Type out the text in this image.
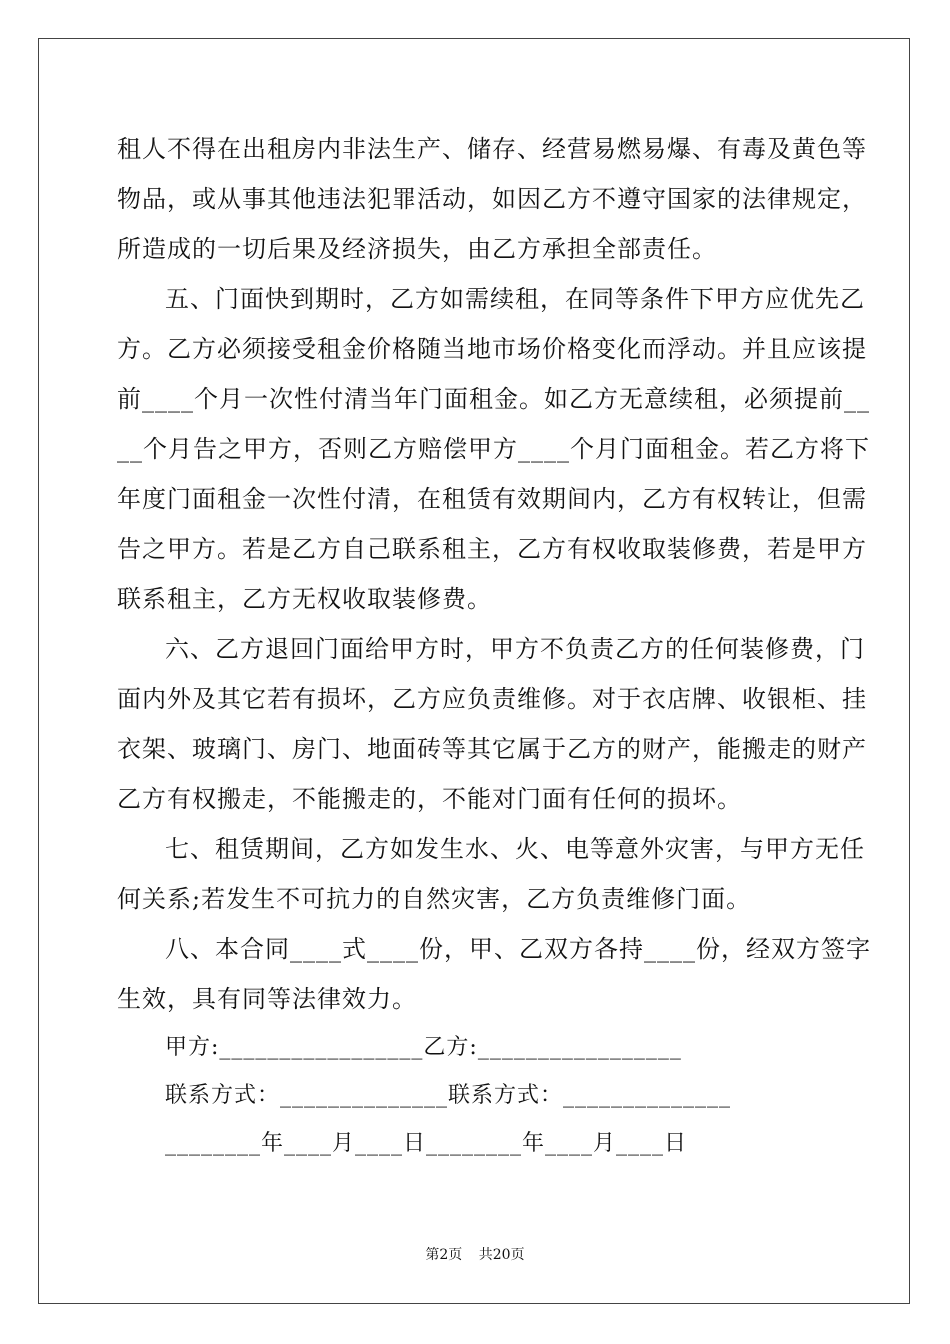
租人不得在出租房内非法生产、储存、经营易燃易爆、有毒及黄色等
物品，或从事其他违法犯罪活动，如因乙方不遵守国家的法律规定，
所造成的一切后果及经济损失，由乙方承担全部责任。
五、门面快到期时，乙方如需续租，在同等条件下甲方应优先乙
方。乙方必须接受租金价格随当地市场价格变化而浮动。并且应该提
前____个月一次性付清当年门面租金。如乙方无意续租，必须提前__
__个月告之甲方，否则乙方赔偿甲方____个月门面租金。若乙方将下
年度门面租金一次性付清，在租赁有效期间内，乙方有权转让，但需
告之甲方。若是乙方自己联系租主，乙方有权收取装修费，若是甲方
联系租主，乙方无权收取装修费。
六、乙方退回门面给甲方时，甲方不负责乙方的任何装修费，门
面内外及其它若有损坏，乙方应负责维修。对于衣店牌、收银柜、挂
衣架、玻璃门、房门、地面砖等其它属于乙方的财产，能搬走的财产
乙方有权搬走，不能搬走的，不能对门面有任何的损坏。
七、租赁期间，乙方如发生水、火、电等意外灾害，与甲方无任
何关系;若发生不可抗力的自然灾害，乙方负责维修门面。
八、本合同____式____份，甲、乙双方各持____份，经双方签字
生效，具有同等法律效力。
甲方:_________________乙方:_________________
联系方式：______________联系方式：______________
________年____月____日________年____月____日
第2页 共20页
